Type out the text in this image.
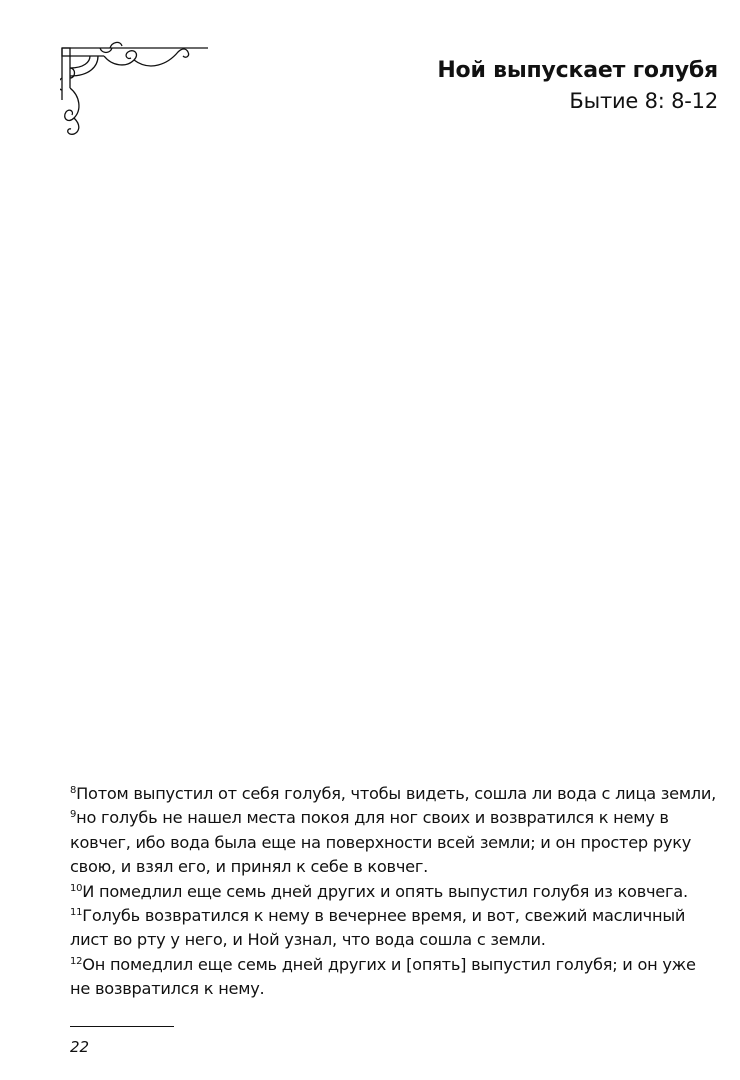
Ной выпускает голубя
Бытие 8: 8-12
$^8$Потом выпустил от себя голубя, чтобы видеть, сошла ли вода с лица земли,
$^9$но голубь не нашел места покоя для ног своих и возвратился к нему в ковчег, ибо вода была еще на поверхности всей земли; и он простер руку свою, и взял его, и принял к себе в ковчег.
$^{10}$И помедлил еще семь дней других и опять выпустил голубя из ковчега.
$^{11}$Голубь возвратился к нему в вечернее время, и вот, свежий масличный лист во рту у него, и Ной узнал, что вода сошла с земли.
$^{12}$Он помедлил еще семь дней других и [опять] выпустил голубя; и он уже не возвратился к нему.
22
